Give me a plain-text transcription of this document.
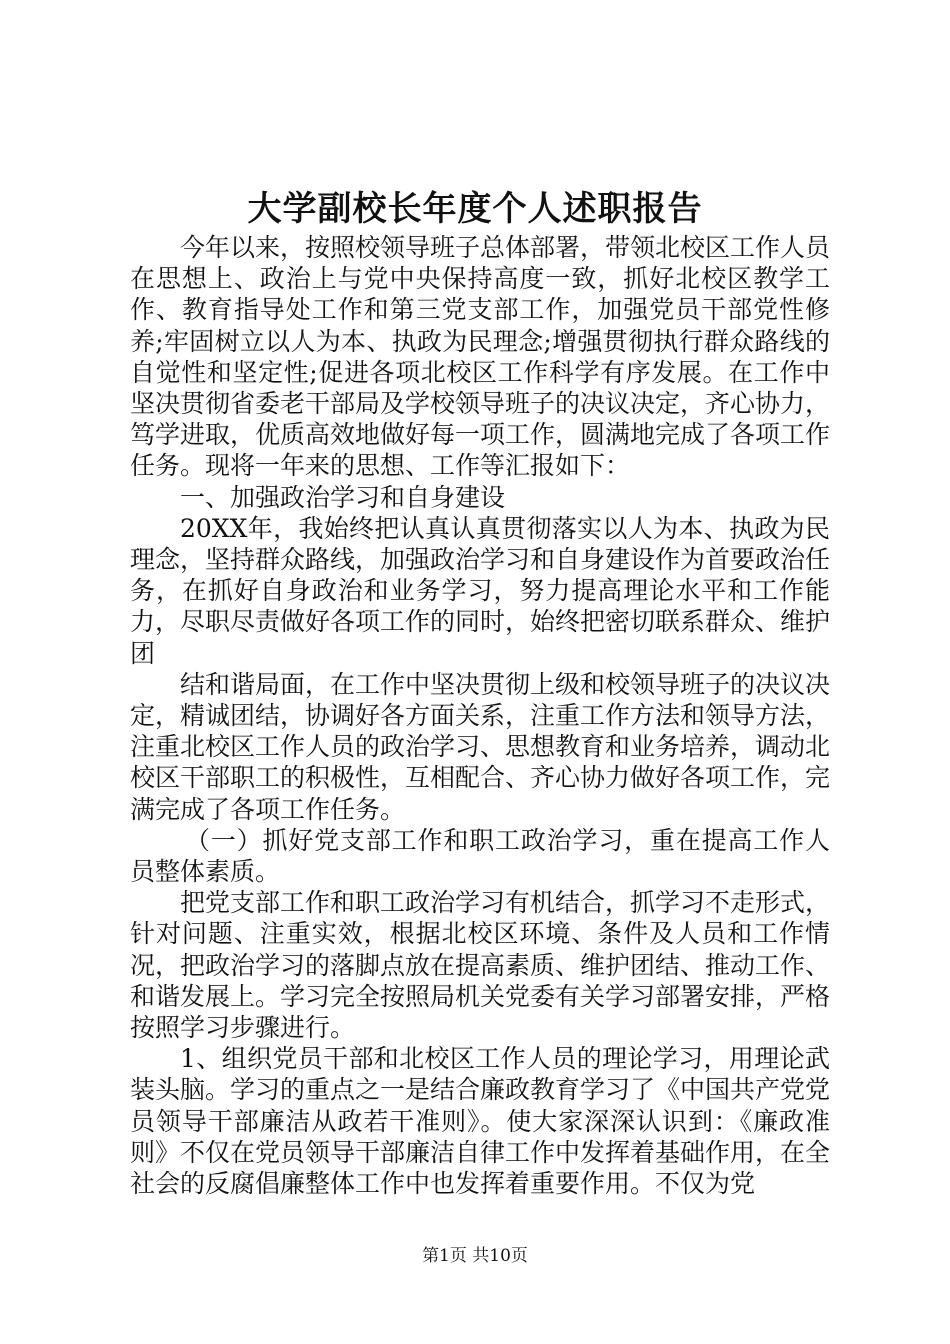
大学副校长年度个人述职报告

今年以来，按照校领导班子总体部署，带领北校区工作人员在思想上、政治上与党中央保持高度一致，抓好北校区教学工作、教育指导处工作和第三党支部工作，加强党员干部党性修养;牢固树立以人为本、执政为民理念;增强贯彻执行群众路线的自觉性和坚定性;促进各项北校区工作科学有序发展。在工作中坚决贯彻省委老干部局及学校领导班子的决议决定，齐心协力，笃学进取，优质高效地做好每一项工作，圆满地完成了各项工作任务。现将一年来的思想、工作等汇报如下：

一、加强政治学习和自身建设

20XX年，我始终把认真认真贯彻落实以人为本、执政为民理念，坚持群众路线，加强政治学习和自身建设作为首要政治任务，在抓好自身政治和业务学习，努力提高理论水平和工作能力，尽职尽责做好各项工作的同时，始终把密切联系群众、维护团

结和谐局面，在工作中坚决贯彻上级和校领导班子的决议决定，精诚团结，协调好各方面关系，注重工作方法和领导方法，注重北校区工作人员的政治学习、思想教育和业务培养，调动北校区干部职工的积极性，互相配合、齐心协力做好各项工作，完满完成了各项工作任务。

（一）抓好党支部工作和职工政治学习，重在提高工作人员整体素质。

把党支部工作和职工政治学习有机结合，抓学习不走形式，针对问题、注重实效，根据北校区环境、条件及人员和工作情况，把政治学习的落脚点放在提高素质、维护团结、推动工作、和谐发展上。学习完全按照局机关党委有关学习部署安排，严格按照学习步骤进行。

1、组织党员干部和北校区工作人员的理论学习，用理论武装头脑。学习的重点之一是结合廉政教育学习了《中国共产党党员领导干部廉洁从政若干准则》。使大家深深认识到：《廉政准则》不仅在党员领导干部廉洁自律工作中发挥着基础作用，在全社会的反腐倡廉整体工作中也发挥着重要作用。不仅为党

第1页 共10页
